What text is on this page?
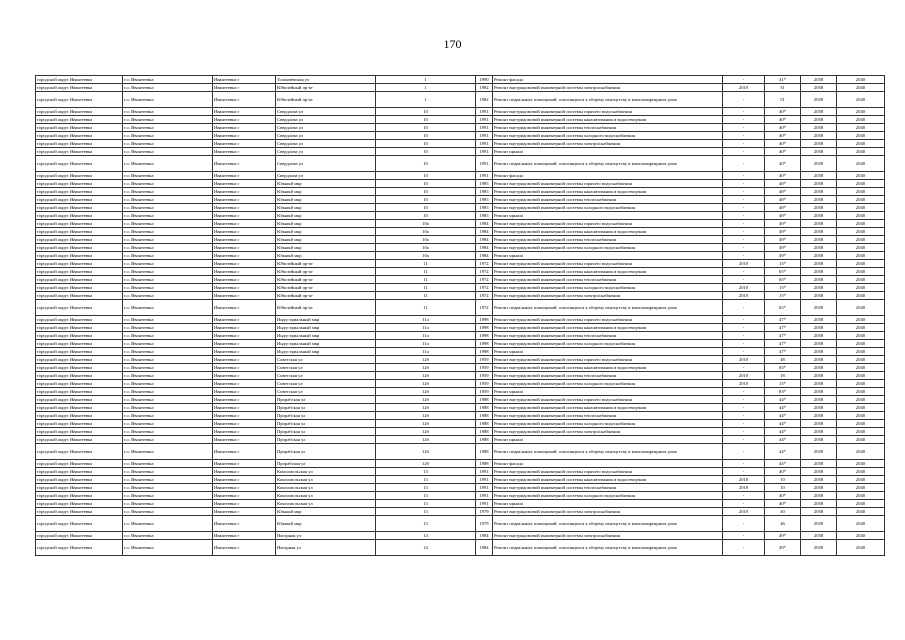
170
городской округ Ивантеевка	г.о. Ивантеевка	Ивантеевка г	Толмачёвская ул	1	1990	Ремонт фасада	-	41*	2038	2040
городской округ Ивантеевка	г.о. Ивантеевка	Ивантеевка г	Юбилейный пр-кт	1	1982	Ремонт внутридомовой инженерной системы электроснабжения	2010	51	2038	2040
городской округ Ивантеевка	г.о. Ивантеевка	Ивантеевка г	Юбилейный пр-кт	1	1982	Ремонт подвальных помещений, относящихся к общему имуществу в многоквартирном доме	-	51	2038	2040
городской округ Ивантеевка	г.о. Ивантеевка	Ивантеевка г	Свердлова ул	10	1991	Ремонт внутридомовой инженерной системы горячего водоснабжения	-	40*	2038	2040
городской округ Ивантеевка	г.о. Ивантеевка	Ивантеевка г	Свердлова ул	10	1991	Ремонт внутридомовой инженерной системы канализования и водоотведения	-	40*	2038	2040
городской округ Ивантеевка	г.о. Ивантеевка	Ивантеевка г	Свердлова ул	10	1991	Ремонт внутридомовой инженерной системы теплоснабжения	-	40*	2038	2040
городской округ Ивантеевка	г.о. Ивантеевка	Ивантеевка г	Свердлова ул	10	1991	Ремонт внутридомовой инженерной системы холодного водоснабжения	-	40*	2038	2040
городской округ Ивантеевка	г.о. Ивантеевка	Ивантеевка г	Свердлова ул	10	1991	Ремонт внутридомовой инженерной системы электроснабжения	-	40*	2038	2040
городской округ Ивантеевка	г.о. Ивантеевка	Ивантеевка г	Свердлова ул	10	1991	Ремонт крыши	-	40*	2038	2040
городской округ Ивантеевка	г.о. Ивантеевка	Ивантеевка г	Свердлова ул	10	1991	Ремонт подвальных помещений, относящихся к общему имуществу в многоквартирном доме	-	40*	2038	2040
городской округ Ивантеевка	г.о. Ивантеевка	Ивантеевка г	Свердлова ул	10	1991	Ремонт фасада	-	40*	2038	2040
городской округ Ивантеевка	г.о. Ивантеевка	Ивантеевка г	Южный мкр	10	1985	Ремонт внутридомовой инженерной системы горячего водоснабжения	-	48*	2038	2040
городской округ Ивантеевка	г.о. Ивантеевка	Ивантеевка г	Южный мкр	10	1985	Ремонт внутридомовой инженерной системы канализования и водоотведения	-	48*	2038	2040
городской округ Ивантеевка	г.о. Ивантеевка	Ивантеевка г	Южный мкр	10	1985	Ремонт внутридомовой инженерной системы теплоснабжения	-	48*	2038	2040
городской округ Ивантеевка	г.о. Ивантеевка	Ивантеевка г	Южный мкр	10	1985	Ремонт внутридомовой инженерной системы холодного водоснабжения	-	48*	2038	2040
городской округ Ивантеевка	г.о. Ивантеевка	Ивантеевка г	Южный мкр	10	1985	Ремонт крыши	-	48*	2038	2040
городской округ Ивантеевка	г.о. Ивантеевка	Ивантеевка г	Южный мкр	10а	1984	Ремонт внутридомовой инженерной системы горячего водоснабжения	-	49*	2038	2040
городской округ Ивантеевка	г.о. Ивантеевка	Ивантеевка г	Южный мкр	10а	1984	Ремонт внутридомовой инженерной системы канализования и водоотведения	-	49*	2038	2040
городской округ Ивантеевка	г.о. Ивантеевка	Ивантеевка г	Южный мкр	10а	1984	Ремонт внутридомовой инженерной системы теплоснабжения	-	49*	2038	2040
городской округ Ивантеевка	г.о. Ивантеевка	Ивантеевка г	Южный мкр	10а	1984	Ремонт внутридомовой инженерной системы холодного водоснабжения	-	49*	2038	2040
городской округ Ивантеевка	г.о. Ивантеевка	Ивантеевка г	Южный мкр	10а	1984	Ремонт крыши	-	49*	2038	2040
городской округ Ивантеевка	г.о. Ивантеевка	Ивантеевка г	Юбилейный пр-кт	11	1972	Ремонт внутридомовой инженерной системы горячего водоснабжения	2010	15*	2038	2040
городской округ Ивантеевка	г.о. Ивантеевка	Ивантеевка г	Юбилейный пр-кт	11	1972	Ремонт внутридомовой инженерной системы канализования и водоотведения	-	65*	2038	2040
городской округ Ивантеевка	г.о. Ивантеевка	Ивантеевка г	Юбилейный пр-кт	11	1972	Ремонт внутридомовой инженерной системы теплоснабжения	-	65*	2038	2040
городской округ Ивантеевка	г.о. Ивантеевка	Ивантеевка г	Юбилейный пр-кт	11	1972	Ремонт внутридомовой инженерной системы холодного водоснабжения	2010	15*	2038	2040
городской округ Ивантеевка	г.о. Ивантеевка	Ивантеевка г	Юбилейный пр-кт	11	1972	Ремонт внутридомовой инженерной системы электроснабжения	2010	15*	2038	2040
городской округ Ивантеевка	г.о. Ивантеевка	Ивантеевка г	Юбилейный пр-кт	11	1972	Ремонт подвальных помещений, относящихся к общему имуществу в многоквартирном доме	-	65*	2038	2040
городской округ Ивантеевка	г.о. Ивантеевка	Ивантеевка г	Индустриальный мкр	11а	1998	Ремонт внутридомовой инженерной системы горячего водоснабжения	-	47*	2038	2040
городской округ Ивантеевка	г.о. Ивантеевка	Ивантеевка г	Индустриальный мкр	11а	1998	Ремонт внутридомовой инженерной системы канализования и водоотведения	-	47*	2038	2040
городской округ Ивантеевка	г.о. Ивантеевка	Ивантеевка г	Индустриальный мкр	11а	1998	Ремонт внутридомовой инженерной системы теплоснабжения	-	47*	2038	2040
городской округ Ивантеевка	г.о. Ивантеевка	Ивантеевка г	Индустриальный мкр	11а	1998	Ремонт внутридомовой инженерной системы холодного водоснабжения	-	47*	2038	2040
городской округ Ивантеевка	г.о. Ивантеевка	Ивантеевка г	Индустриальный мкр	11а	1998	Ремонт крыши	-	47*	2038	2040
городской округ Ивантеевка	г.о. Ивантеевка	Ивантеевка г	Советская ул	12б	1959	Ремонт внутридомовой инженерной системы горячего водоснабжения	2010	48	2038	2040
городской округ Ивантеевка	г.о. Ивантеевка	Ивантеевка г	Советская ул	12б	1959	Ремонт внутридомовой инженерной системы канализования и водоотведения	-	83*	2038	2040
городской округ Ивантеевка	г.о. Ивантеевка	Ивантеевка г	Советская ул	12б	1959	Ремонт внутридомовой инженерной системы теплоснабжения	2010	18	2038	2040
городской округ Ивантеевка	г.о. Ивантеевка	Ивантеевка г	Советская ул	12б	1959	Ремонт внутридомовой инженерной системы холодного водоснабжения	2010	15*	2038	2040
городской округ Ивантеевка	г.о. Ивантеевка	Ивантеевка г	Советская ул	12б	1959	Ремонт крыши	-	83*	2038	2040
городской округ Ивантеевка	г.о. Ивантеевка	Ивантеевка г	Прорабская ул	12б	1988	Ремонт внутридомовой инженерной системы горячего водоснабжения	-	44*	2038	2040
городской округ Ивантеевка	г.о. Ивантеевка	Ивантеевка г	Прорабская ул	12б	1988	Ремонт внутридомовой инженерной системы канализования и водоотведения	-	44*	2038	2040
городской округ Ивантеевка	г.о. Ивантеевка	Ивантеевка г	Прорабская ул	12б	1988	Ремонт внутридомовой инженерной системы теплоснабжения	-	44*	2038	2040
городской округ Ивантеевка	г.о. Ивантеевка	Ивантеевка г	Прорабская ул	12б	1988	Ремонт внутридомовой инженерной системы холодного водоснабжения	-	44*	2038	2040
городской округ Ивантеевка	г.о. Ивантеевка	Ивантеевка г	Прорабская ул	12б	1988	Ремонт внутридомовой инженерной системы электроснабжения	-	44*	2038	2040
городской округ Ивантеевка	г.о. Ивантеевка	Ивантеевка г	Прорабская ул	12б	1988	Ремонт крыши	-	44*	2038	2040
городской округ Ивантеевка	г.о. Ивантеевка	Ивантеевка г	Прорабская ул	12б	1988	Ремонт подвальных помещений, относящихся к общему имуществу в многоквартирном доме	-	44*	2038	2040
городской округ Ивантеевка	г.о. Ивантеевка	Ивантеевка г	Прорабская ул	12б	1988	Ремонт фасада	-	44*	2038	2040
городской округ Ивантеевка	г.о. Ивантеевка	Ивантеевка г	Комсомольская ул	13	1991	Ремонт внутридомовой инженерной системы горячего водоснабжения	-	40*	2038	2040
городской округ Ивантеевка	г.о. Ивантеевка	Ивантеевка г	Комсомольская ул	13	1991	Ремонт внутридомовой инженерной системы канализования и водоотведения	2018	10	2038	2040
городской округ Ивантеевка	г.о. Ивантеевка	Ивантеевка г	Комсомольская ул	13	1991	Ремонт внутридомовой инженерной системы теплоснабжения	2018	10	2038	2040
городской округ Ивантеевка	г.о. Ивантеевка	Ивантеевка г	Комсомольская ул	13	1991	Ремонт внутридомовой инженерной системы холодного водоснабжения	-	40*	2038	2040
городской округ Ивантеевка	г.о. Ивантеевка	Ивантеевка г	Комсомольская ул	13	1991	Ремонт крыши	-	40*	2038	2040
городской округ Ивантеевка	г.о. Ивантеевка	Ивантеевка г	Южный мкр	13	1979	Ремонт внутридомовой инженерной системы электроснабжения	2010	40	2038	2040
городской округ Ивантеевка	г.о. Ивантеевка	Ивантеевка г	Южный мкр	13	1979	Ремонт подвальных помещений, относящихся к общему имуществу в многоквартирном доме	-	46	2038	2040
городской округ Ивантеевка	г.о. Ивантеевка	Ивантеевка г	Нагорная ул	14	1984	Ремонт внутридомовой инженерной системы электроснабжения	-	49*	2038	2040
городской округ Ивантеевка	г.о. Ивантеевка	Ивантеевка г	Нагорная ул	14	1984	Ремонт подвальных помещений, относящихся к общему имуществу в многоквартирном доме	-	49*	2038	2040
